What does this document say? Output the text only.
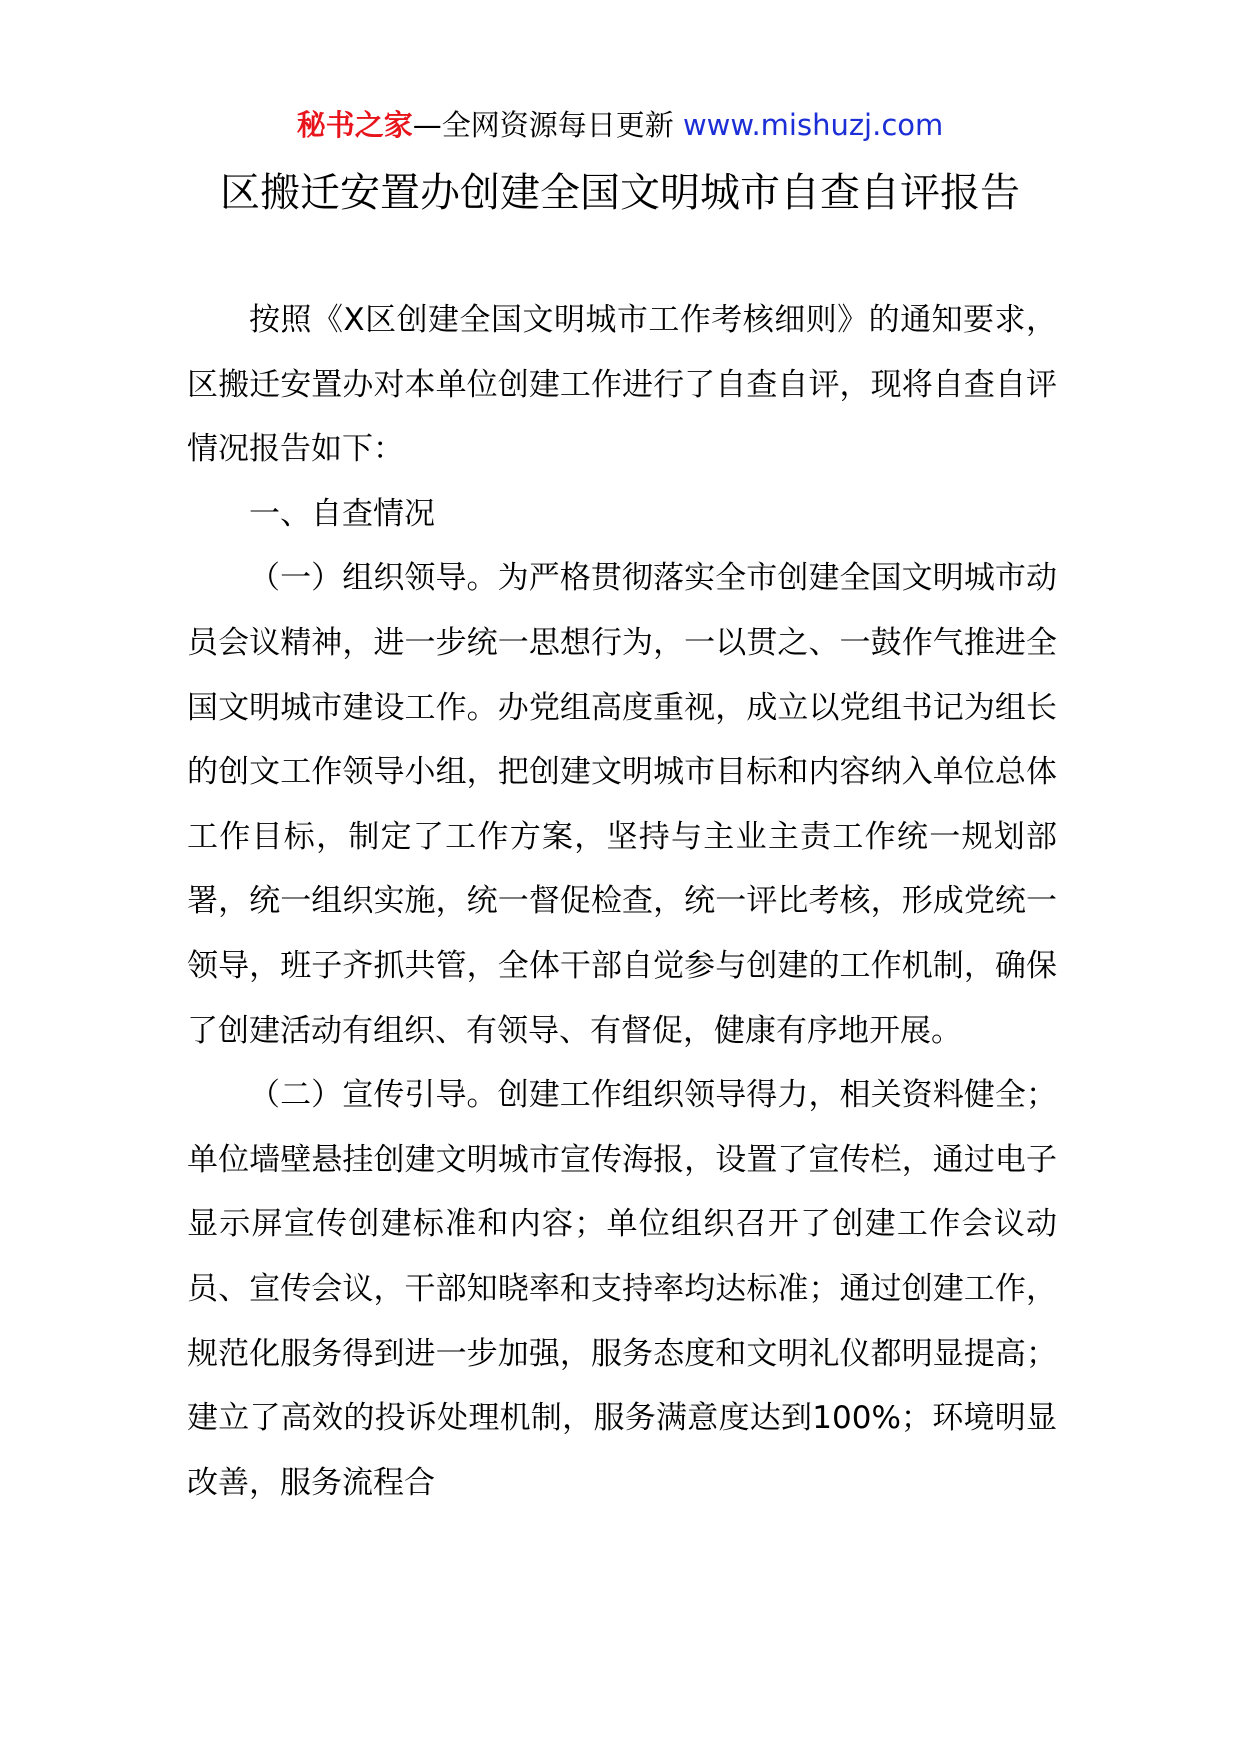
秘书之家—全网资源每日更新 www.mishuzj.com
区搬迁安置办创建全国文明城市自查自评报告

按照《X区创建全国文明城市工作考核细则》的通知要求，区搬迁安置办对本单位创建工作进行了自查自评，现将自查自评情况报告如下：

一、自查情况

（一）组织领导。为严格贯彻落实全市创建全国文明城市动员会议精神，进一步统一思想行为，一以贯之、一鼓作气推进全国文明城市建设工作。办党组高度重视，成立以党组书记为组长的创文工作领导小组，把创建文明城市目标和内容纳入单位总体工作目标，制定了工作方案，坚持与主业主责工作统一规划部署，统一组织实施，统一督促检查，统一评比考核，形成党统一领导，班子齐抓共管，全体干部自觉参与创建的工作机制，确保了创建活动有组织、有领导、有督促，健康有序地开展。

（二）宣传引导。创建工作组织领导得力，相关资料健全；单位墙壁悬挂创建文明城市宣传海报，设置了宣传栏，通过电子显示屏宣传创建标准和内容；单位组织召开了创建工作会议动员、宣传会议，干部知晓率和支持率均达标准；通过创建工作，规范化服务得到进一步加强，服务态度和文明礼仪都明显提高；建立了高效的投诉处理机制，服务满意度达到100%；环境明显改善，服务流程合
